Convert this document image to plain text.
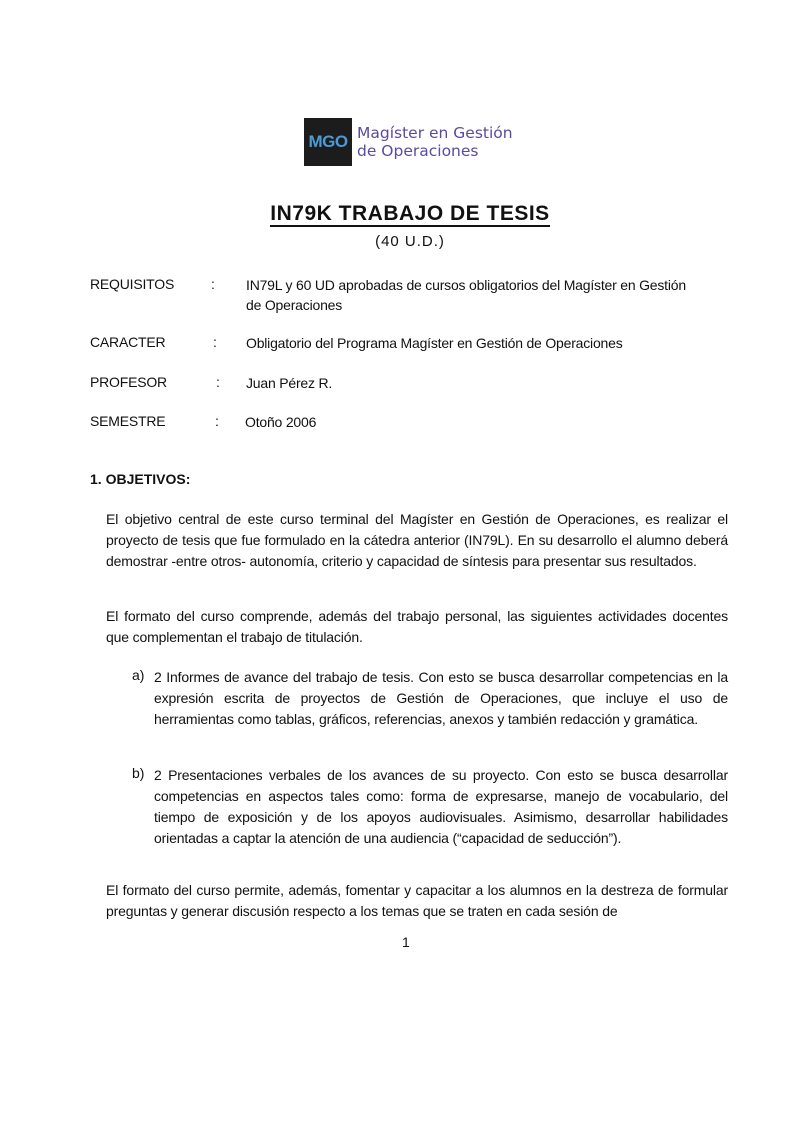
MGO Magíster en Gestión
de Operaciones
IN79K TRABAJO DE TESIS
(40 U.D.)
REQUISITOS	: IN79L y 60 UD aprobadas de cursos obligatorios del Magíster en Gestión
de Operaciones
CARACTER	: Obligatorio del Programa Magíster en Gestión de Operaciones
PROFESOR	: Juan Pérez R.
SEMESTRE	: Otoño 2006
1. OBJETIVOS:
El objetivo central de este curso terminal del Magíster en Gestión de Operaciones, es realizar el proyecto de tesis que fue formulado en la cátedra anterior (IN79L). En su desarrollo el alumno deberá demostrar -entre otros- autonomía, criterio y capacidad de síntesis para presentar sus resultados.
El formato del curso comprende, además del trabajo personal, las siguientes actividades docentes que complementan el trabajo de titulación.
a) 2 Informes de avance del trabajo de tesis. Con esto se busca desarrollar competencias en la expresión escrita de proyectos de Gestión de Operaciones, que incluye el uso de herramientas como tablas, gráficos, referencias, anexos y también redacción y gramática.
b) 2 Presentaciones verbales de los avances de su proyecto. Con esto se busca desarrollar competencias en aspectos tales como: forma de expresarse, manejo de vocabulario, del tiempo de exposición y de los apoyos audiovisuales. Asimismo, desarrollar habilidades orientadas a captar la atención de una audiencia (“capacidad de seducción”).
El formato del curso permite, además, fomentar y capacitar a los alumnos en la destreza de formular preguntas y generar discusión respecto a los temas que se traten en cada sesión de
1
